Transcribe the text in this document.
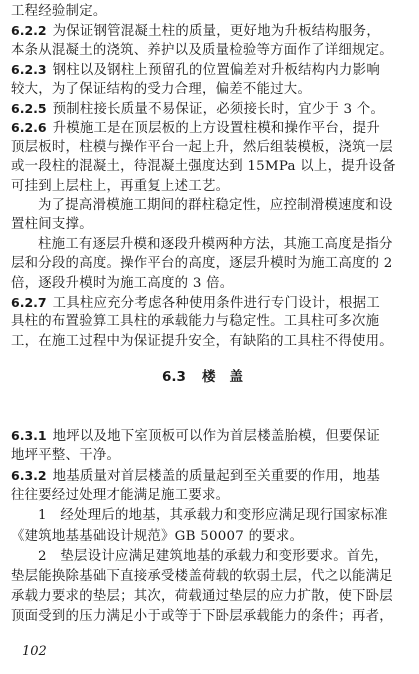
6.3 楼盖
102
工程经验制定。
6.2.2 为保证钢管混凝土柱的质量，更好地为升板结构服务，
本条从混凝土的浇筑、养护以及质量检验等方面作了详细规定。
6.2.3 钢柱以及钢柱上预留孔的位置偏差对升板结构内力影响
较大，为了保证结构的受力合理，偏差不能过大。
6.2.5 预制柱接长质量不易保证，必须接长时，宜少于 3 个。
6.2.6 升模施工是在顶层板的上方设置柱模和操作平台，提升
顶层板时，柱模与操作平台一起上升，然后组装模板，浇筑一层
或一段柱的混凝土，待混凝土强度达到 15MPa 以上，提升设备
可挂到上层柱上，再重复上述工艺。
为了提高滑模施工期间的群柱稳定性，应控制滑模速度和设
置柱间支撑。
柱施工有逐层升模和逐段升模两种方法，其施工高度是指分
层和分段的高度。操作平台的高度，逐层升模时为施工高度的 2
倍，逐段升模时为施工高度的 3 倍。
6.2.7 工具柱应充分考虑各种使用条件进行专门设计，根据工
具柱的布置验算工具柱的承载能力与稳定性。工具柱可多次施
工，在施工过程中为保证提升安全，有缺陷的工具柱不得使用。
6.3.1 地坪以及地下室顶板可以作为首层楼盖胎模，但要保证
地坪平整、干净。
6.3.2 地基质量对首层楼盖的质量起到至关重要的作用，地基
往往要经过处理才能满足施工要求。
1　经处理后的地基，其承载力和变形应满足现行国家标准
《建筑地基基础设计规范》GB 50007 的要求。
2　垫层设计应满足建筑地基的承载力和变形要求。首先，
垫层能换除基础下直接承受楼盖荷载的软弱土层，代之以能满足
承载力要求的垫层；其次，荷载通过垫层的应力扩散，使下卧层
顶面受到的压力满足小于或等于下卧层承载能力的条件；再者，
